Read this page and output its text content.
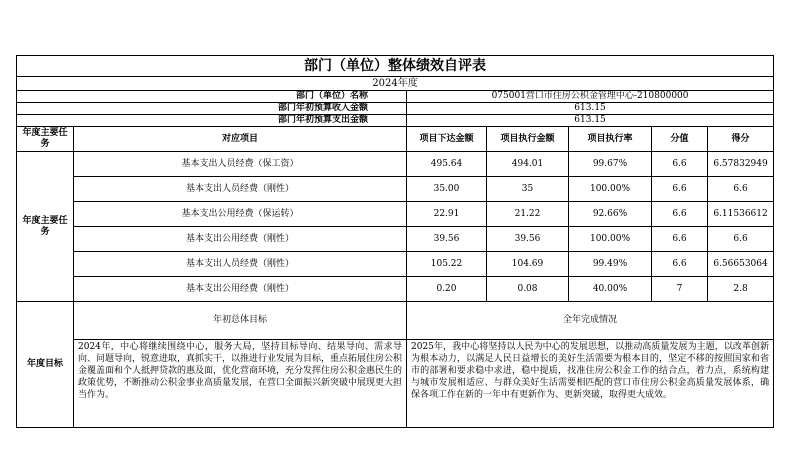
部门（单位）整体绩效自评表						
2024年度						
部门（单位）名称		075001营口市住房公积金管理中心-210800000				
部门年初预算收入金额		613.15				
部门年初预算支出金额		613.15				
年度主要任务	对应项目	项目下达金额	项目执行金额	项目执行率	分值	得分
年度主要任务	基本支出人员经费（保工资）	495.64	494.01	99.67%	6.6	6.57832949
	基本支出人员经费（刚性）	35.00	35	100.00%	6.6	6.6
	基本支出公用经费（保运转）	22.91	21.22	92.66%	6.6	6.11536612
	基本支出公用经费（刚性）	39.56	39.56	100.00%	6.6	6.6
	基本支出人员经费（刚性）	105.22	104.69	99.49%	6.6	6.56653064
	基本支出公用经费（刚性）	0.20	0.08	40.00%	7	2.8
年度目标	年初总体目标	全年完成情况				
	2024年，中心将继续围绕中心，服务大局，坚持目标导向、结果导向、需求导向、问题导向，锐意进取，真抓实干，以推进行业发展为目标，重点拓展住房公积金覆盖面和个人抵押贷款的惠及面，优化营商环境，充分发挥住房公积金惠民生的政策优势，不断推动公积金事业高质量发展，在营口全面振兴新突破中展现更大担当作为。	2025年，我中心将坚持以人民为中心的发展思想，以推动高质量发展为主题，以改革创新为根本动力，以满足人民日益增长的美好生活需要为根本目的，坚定不移的按照国家和省市的部署和要求稳中求进，稳中提质，找准住房公积金工作的结合点，着力点，系统构建与城市发展相适应、与群众美好生活需要相匹配的营口市住房公积金高质量发展体系，确保各项工作在新的一年中有更新作为、更新突破，取得更大成效。				
